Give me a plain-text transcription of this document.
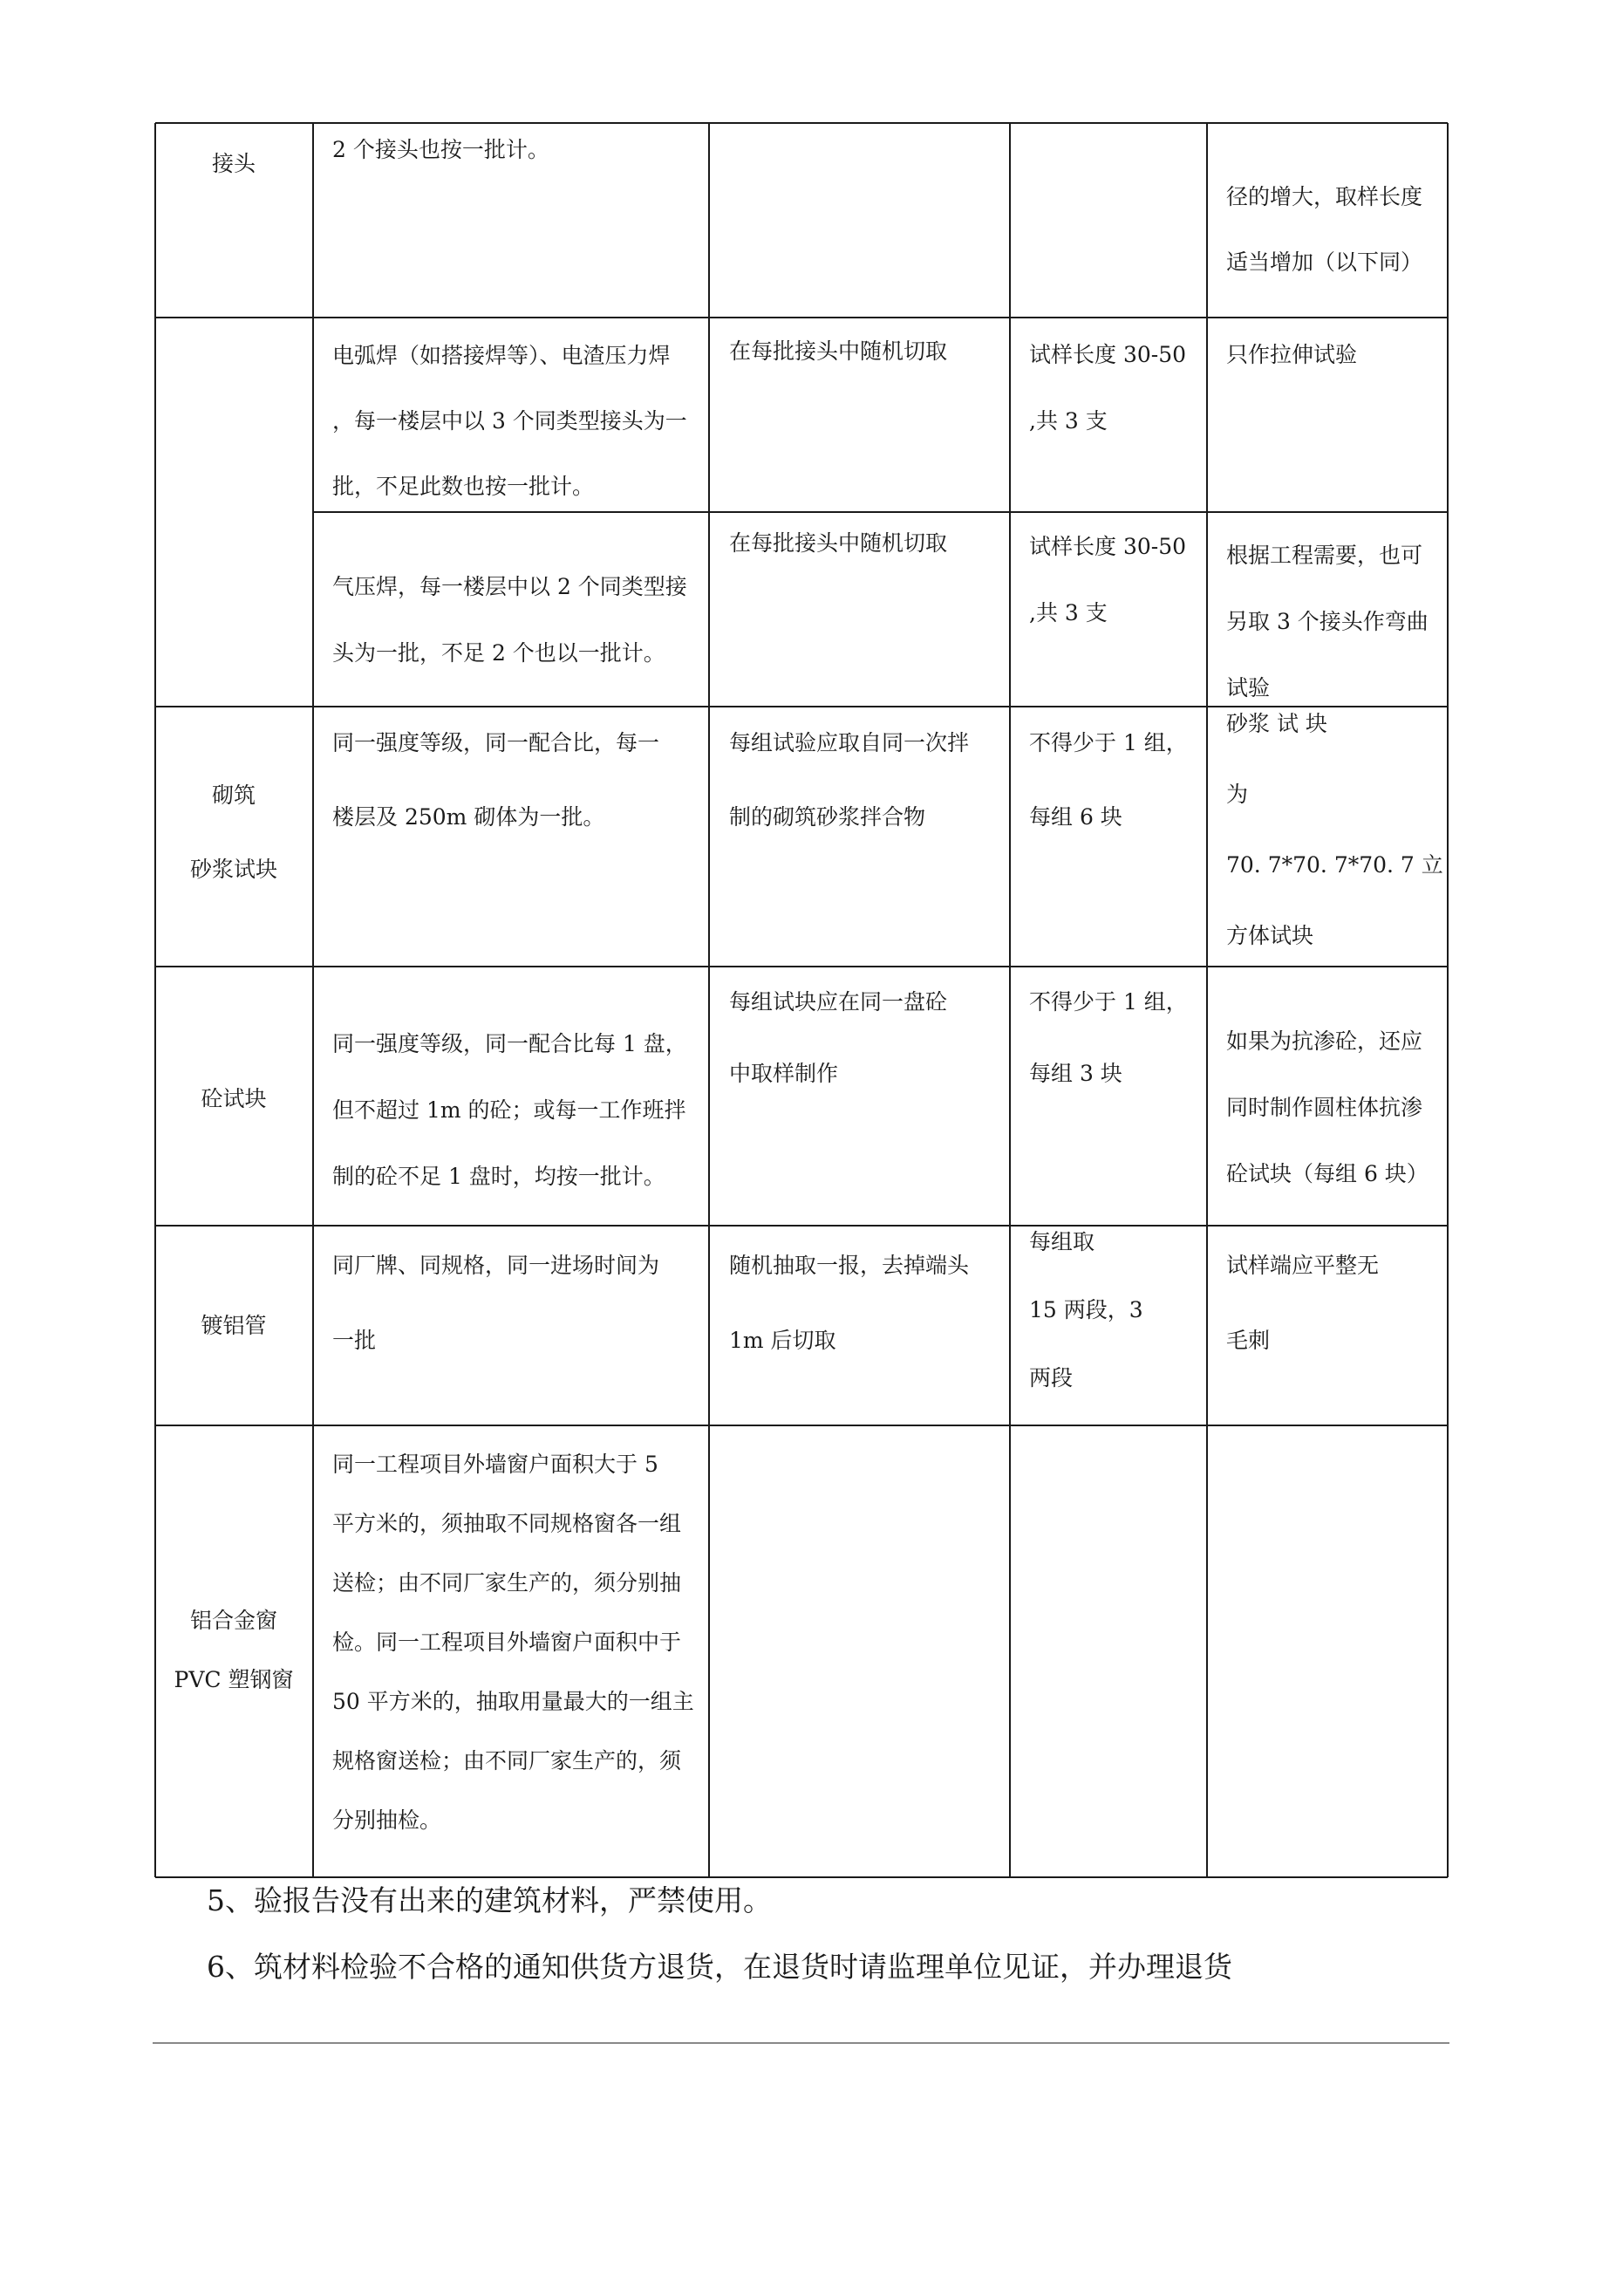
接头
2 个接头也按一批计。
径的增大，取样长度
适当增加（以下同）
电弧焊（如搭接焊等）、电渣压力焊
，每一楼层中以 3 个同类型接头为一
批，不足此数也按一批计。
在每批接头中随机切取	试样长度 30-50
,共 3 支
只作拉伸试验
气压焊，每一楼层中以 2 个同类型接
头为一批，不足 2 个也以一批计。
在每批接头中随机切取	试样长度 30-50
,共 3 支
根据工程需要，也可
另取 3 个接头作弯曲
试验
砌筑
砂浆试块
同一强度等级，同一配合比，每一
楼层及 250m 砌体为一批。
每组试验应取自同一次拌
制的砌筑砂浆拌合物
不得少于 1 组，
每组 6 块
砂浆 试 块
为
70. 7*70. 7*70. 7 立
方体试块
砼试块
同一强度等级，同一配合比每 1 盘，
但不超过 1m 的砼；或每一工作班拌
制的砼不足 1 盘时，均按一批计。
每组试块应在同一盘砼
中取样制作
不得少于 1 组，
每组 3 块
如果为抗渗砼，还应
同时制作圆柱体抗渗
砼试块（每组 6 块）
镀铝管
同厂牌、同规格，同一进场时间为
一批
随机抽取一报，去掉端头
1m 后切取
每组取
15 两段，3
两段
试样端应平整无
毛刺
铝合金窗
PVC 塑钢窗
同一工程项目外墙窗户面积大于 5
平方米的，须抽取不同规格窗各一组
送检；由不同厂家生产的，须分别抽
检。同一工程项目外墙窗户面积中于
50 平方米的，抽取用量最大的一组主
规格窗送检；由不同厂家生产的，须
分别抽检。
5、验报告没有出来的建筑材料，严禁使用。
6、筑材料检验不合格的通知供货方退货，在退货时请监理单位见证，并办理退货
